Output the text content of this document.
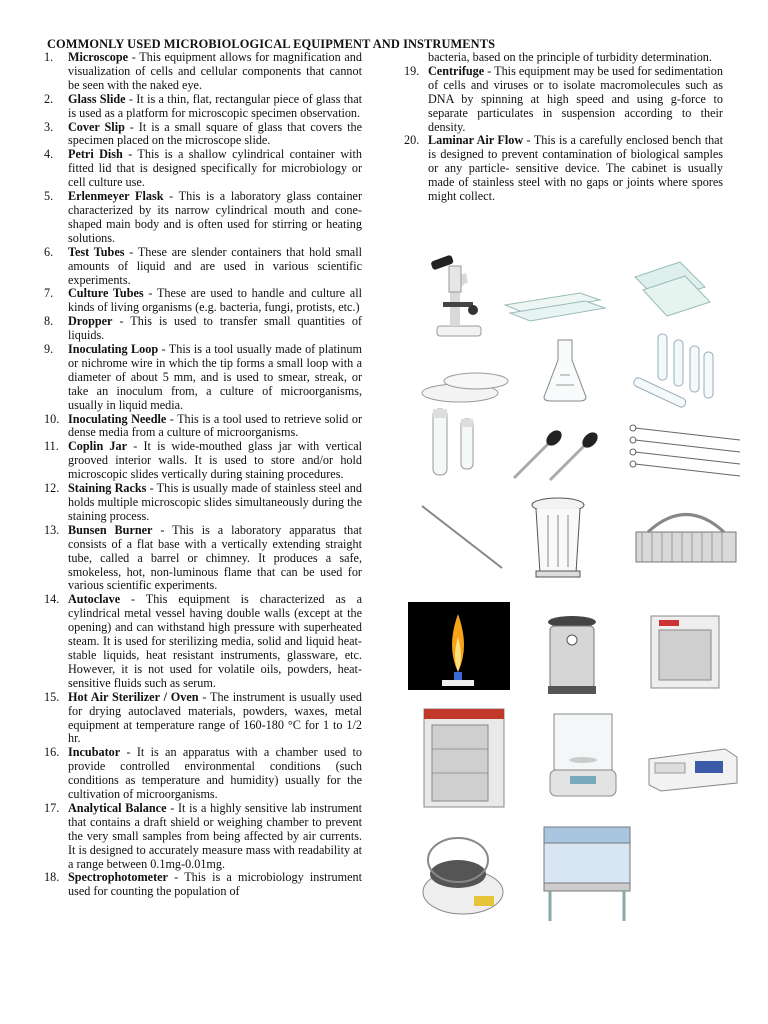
COMMONLY USED MICROBIOLOGICAL EQUIPMENT AND INSTRUMENTS
1.	Microscope - This equipment allows for magnification and visualization of cells and cellular components that cannot be seen with the naked eye.
2.	Glass Slide - It is a thin, flat, rectangular piece of glass that is used as a platform for microscopic specimen observation.
3.	Cover Slip - It is a small square of glass that covers the specimen placed on the microscope slide.
4.	Petri Dish - This is a shallow cylindrical container with fitted lid that is designed specifically for microbiology or cell culture use.
5.	Erlenmeyer Flask - This is a laboratory glass container characterized by its narrow cylindrical mouth and cone- shaped main body and is often used for stirring or heating solutions.
6.	Test Tubes - These are slender containers that hold small amounts of liquid and are used in various scientific experiments.
7.	Culture Tubes - These are used to handle and culture all kinds of living organisms (e.g. bacteria, fungi, protists, etc.)
8.	Dropper - This is used to transfer small quantities of liquids.
9.	Inoculating Loop - This is a tool usually made of platinum or nichrome wire in which the tip forms a small loop with a diameter of about 5 mm, and is used to smear, streak, or take an inoculum from, a culture of microorganisms, usually in liquid media.
10. Inoculating Needle - This is a tool used to retrieve solid or dense media from a culture of microorganisms.
11. Coplin Jar - It is wide-mouthed glass jar with vertical grooved interior walls. It is used to store and/or hold microscopic slides vertically during staining procedures.
12. Staining Racks - This is usually made of stainless steel and holds multiple microscopic slides simultaneously during the staining process.
13. Bunsen Burner - This is a laboratory apparatus that consists of a flat base with a vertically extending straight tube, called a barrel or chimney. It produces a safe, smokeless, hot, non-luminous flame that can be used for various scientific experiments.
14. Autoclave - This equipment is characterized as a cylindrical metal vessel having double walls (except at the opening) and can withstand high pressure with superheated steam. It is used for sterilizing media, solid and liquid heat- stable liquids, heat resistant instruments, glassware, etc. However, it is not used for volatile oils, powders, heat-sensitive fluids such as serum.
15. Hot Air Sterilizer / Oven - The instrument is usually used for drying autoclaved materials, powders, waxes, metal equipment at temperature range of 160-180 °C for 1 to 1/2 hr.
16. Incubator - It is an apparatus with a chamber used to provide controlled environmental conditions (such conditions as temperature and humidity) usually for the cultivation of microorganisms.
17. Analytical Balance - It is a highly sensitive lab instrument that contains a draft shield or weighing chamber to prevent the very small samples from being affected by air currents. It is designed to accurately measure mass with readability at a range between 0.1mg-0.01mg.
18. Spectrophotometer - This is a microbiology instrument used for counting the population of
bacteria, based on the principle of turbidity determination.
19. Centrifuge - This equipment may be used for sedimentation of cells and viruses or to isolate macromolecules such as DNA by spinning at high speed and using g-force to separate particulates in suspension according to their density.
20. Laminar Air Flow - This is a carefully enclosed bench that is designed to prevent contamination of biological samples or any particle- sensitive device. The cabinet is usually made of stainless steel with no gaps or joints where spores might collect.
